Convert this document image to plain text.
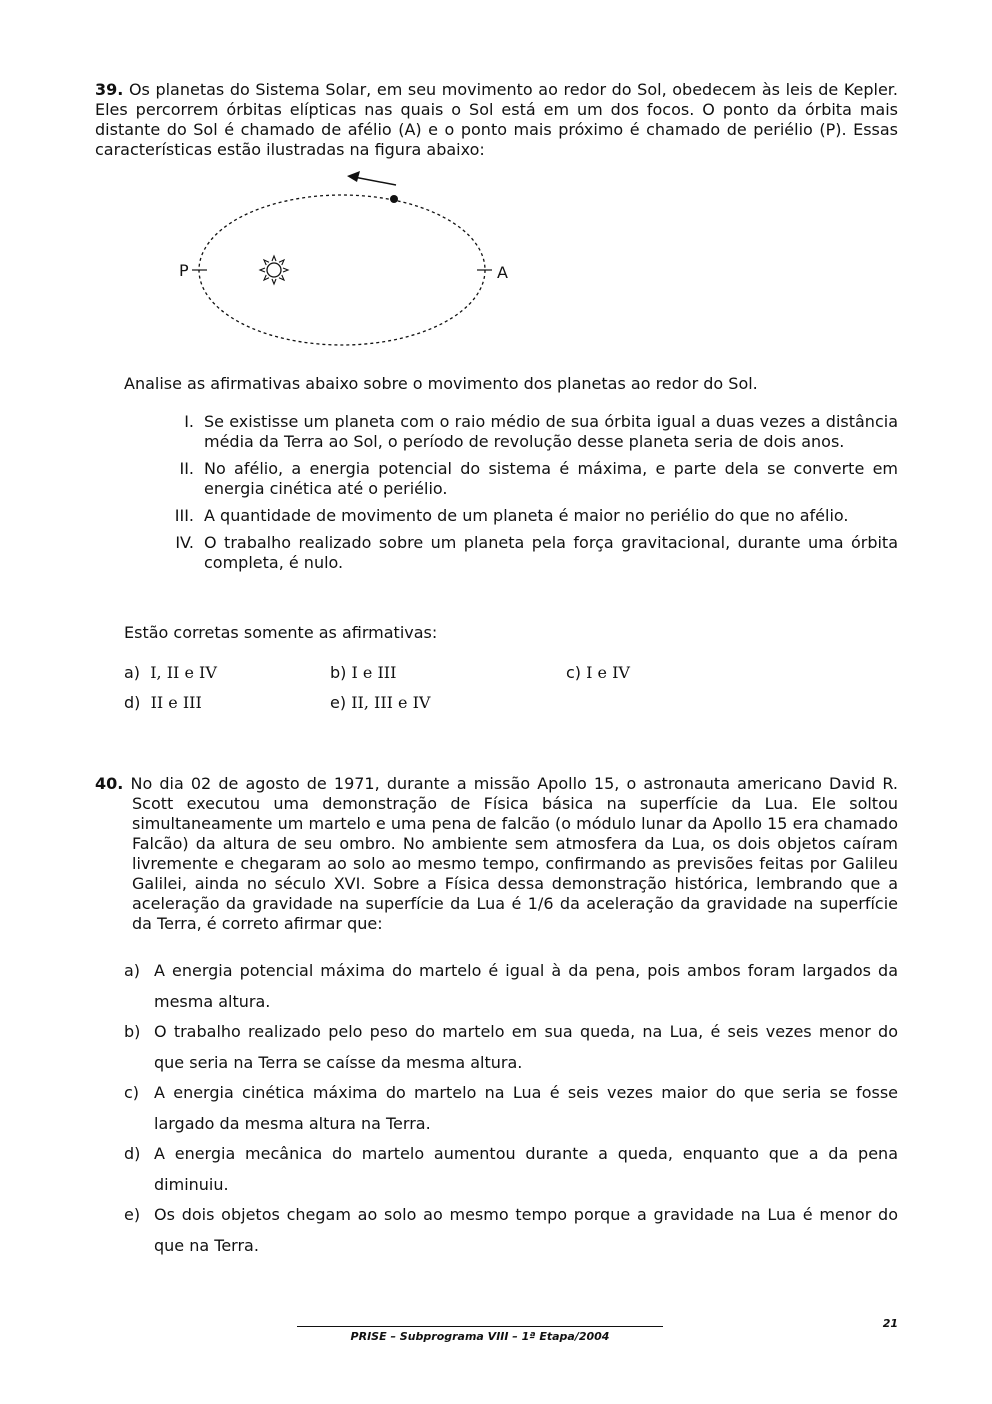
39. Os planetas do Sistema Solar, em seu movimento ao redor do Sol, obedecem às leis de Kepler. Eles percorrem órbitas elípticas nas quais o Sol está em um dos focos. O ponto da órbita mais distante do Sol é chamado de afélio (A) e o ponto mais próximo é chamado de periélio (P). Essas características estão ilustradas na figura abaixo:
P	A
Analise as afirmativas abaixo sobre o movimento dos planetas ao redor do Sol.
I. Se existisse um planeta com o raio médio de sua órbita igual a duas vezes a distância média da Terra ao Sol, o período de revolução desse planeta seria de dois anos.
II. No afélio, a energia potencial do sistema é máxima, e parte dela se converte em energia cinética até o periélio.
III. A quantidade de movimento de um planeta é maior no periélio do que no afélio.
IV. O trabalho realizado sobre um planeta pela força gravitacional, durante uma órbita completa, é nulo.
Estão corretas somente as afirmativas:
a) I, II e IV	b) I e III	c) I e IV
d) II e III	e) II, III e IV
40. No dia 02 de agosto de 1971, durante a missão Apollo 15, o astronauta americano David R. Scott executou uma demonstração de Física básica na superfície da Lua. Ele soltou simultaneamente um martelo e uma pena de falcão (o módulo lunar da Apollo 15 era chamado Falcão) da altura de seu ombro. No ambiente sem atmosfera da Lua, os dois objetos caíram livremente e chegaram ao solo ao mesmo tempo, confirmando as previsões feitas por Galileu Galilei, ainda no século XVI. Sobre a Física dessa demonstração histórica, lembrando que a aceleração da gravidade na superfície da Lua é 1/6 da aceleração da gravidade na superfície da Terra, é correto afirmar que:
a) A energia potencial máxima do martelo é igual à da pena, pois ambos foram largados da mesma altura.
b) O trabalho realizado pelo peso do martelo em sua queda, na Lua, é seis vezes menor do que seria na Terra se caísse da mesma altura.
c) A energia cinética máxima do martelo na Lua é seis vezes maior do que seria se fosse largado da mesma altura na Terra.
d) A energia mecânica do martelo aumentou durante a queda, enquanto que a da pena diminuiu.
e) Os dois objetos chegam ao solo ao mesmo tempo porque a gravidade na Lua é menor do que na Terra.
21
PRISE – Subprograma VIII – 1ª Etapa/2004
